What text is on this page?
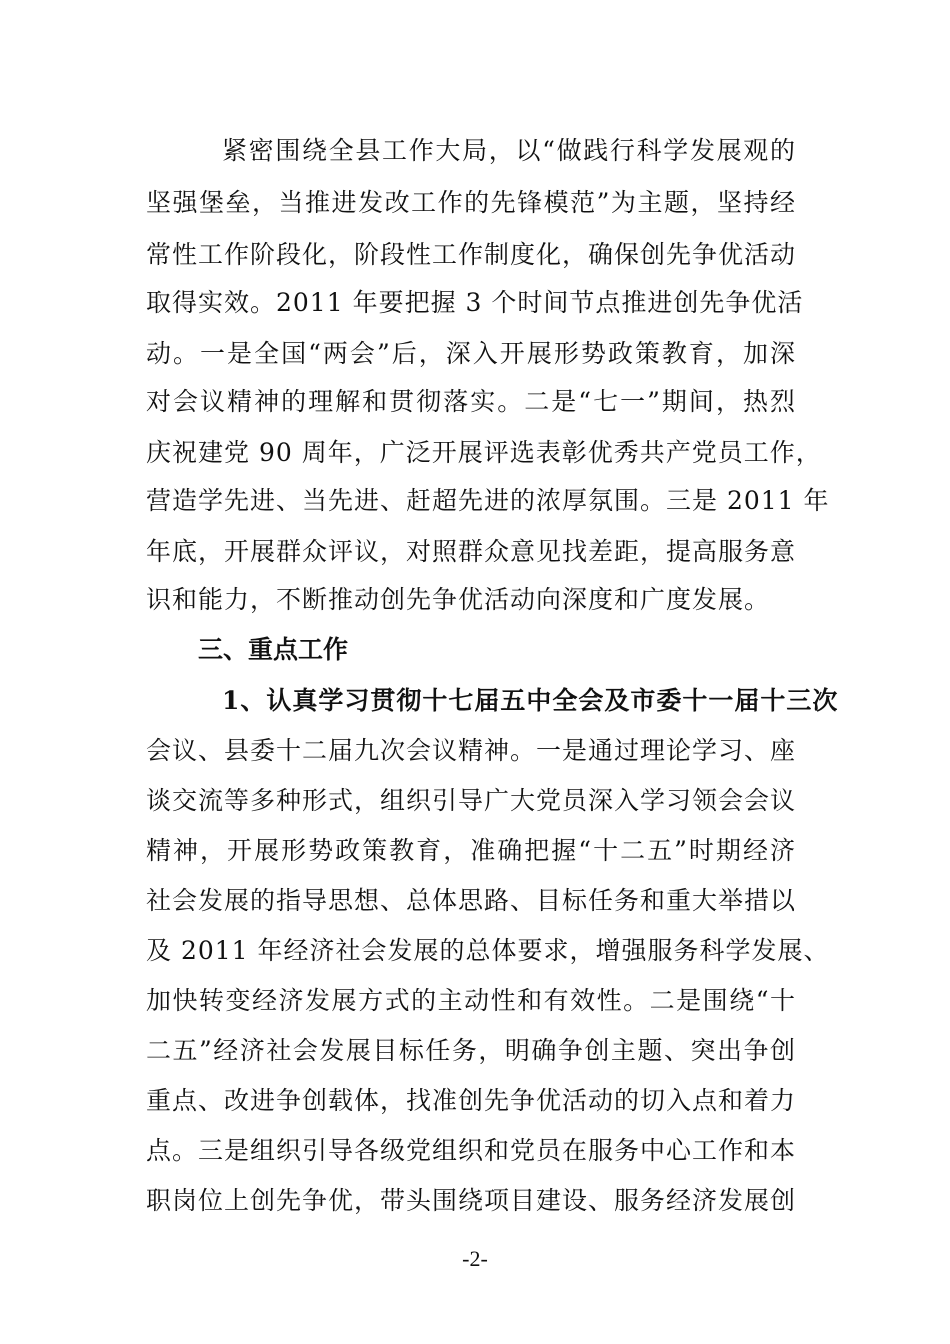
紧密围绕全县工作大局，以“做践行科学发展观的
坚强堡垒，当推进发改工作的先锋模范”为主题，坚持经
常性工作阶段化，阶段性工作制度化，确保创先争优活动
取得实效。2011 年要把握 3 个时间节点推进创先争优活
动。一是全国“两会”后，深入开展形势政策教育，加深
对会议精神的理解和贯彻落实。二是“七一”期间，热烈
庆祝建党 90 周年，广泛开展评选表彰优秀共产党员工作，
营造学先进、当先进、赶超先进的浓厚氛围。三是 2011 年
年底，开展群众评议，对照群众意见找差距，提高服务意
识和能力，不断推动创先争优活动向深度和广度发展。
三、重点工作
1、认真学习贯彻十七届五中全会及市委十一届十三次
会议、县委十二届九次会议精神。一是通过理论学习、座
谈交流等多种形式，组织引导广大党员深入学习领会会议
精神，开展形势政策教育，准确把握“十二五”时期经济
社会发展的指导思想、总体思路、目标任务和重大举措以
及 2011 年经济社会发展的总体要求，增强服务科学发展、
加快转变经济发展方式的主动性和有效性。二是围绕“十
二五”经济社会发展目标任务，明确争创主题、突出争创
重点、改进争创载体，找准创先争优活动的切入点和着力
点。三是组织引导各级党组织和党员在服务中心工作和本
职岗位上创先争优，带头围绕项目建设、服务经济发展创
-2-
